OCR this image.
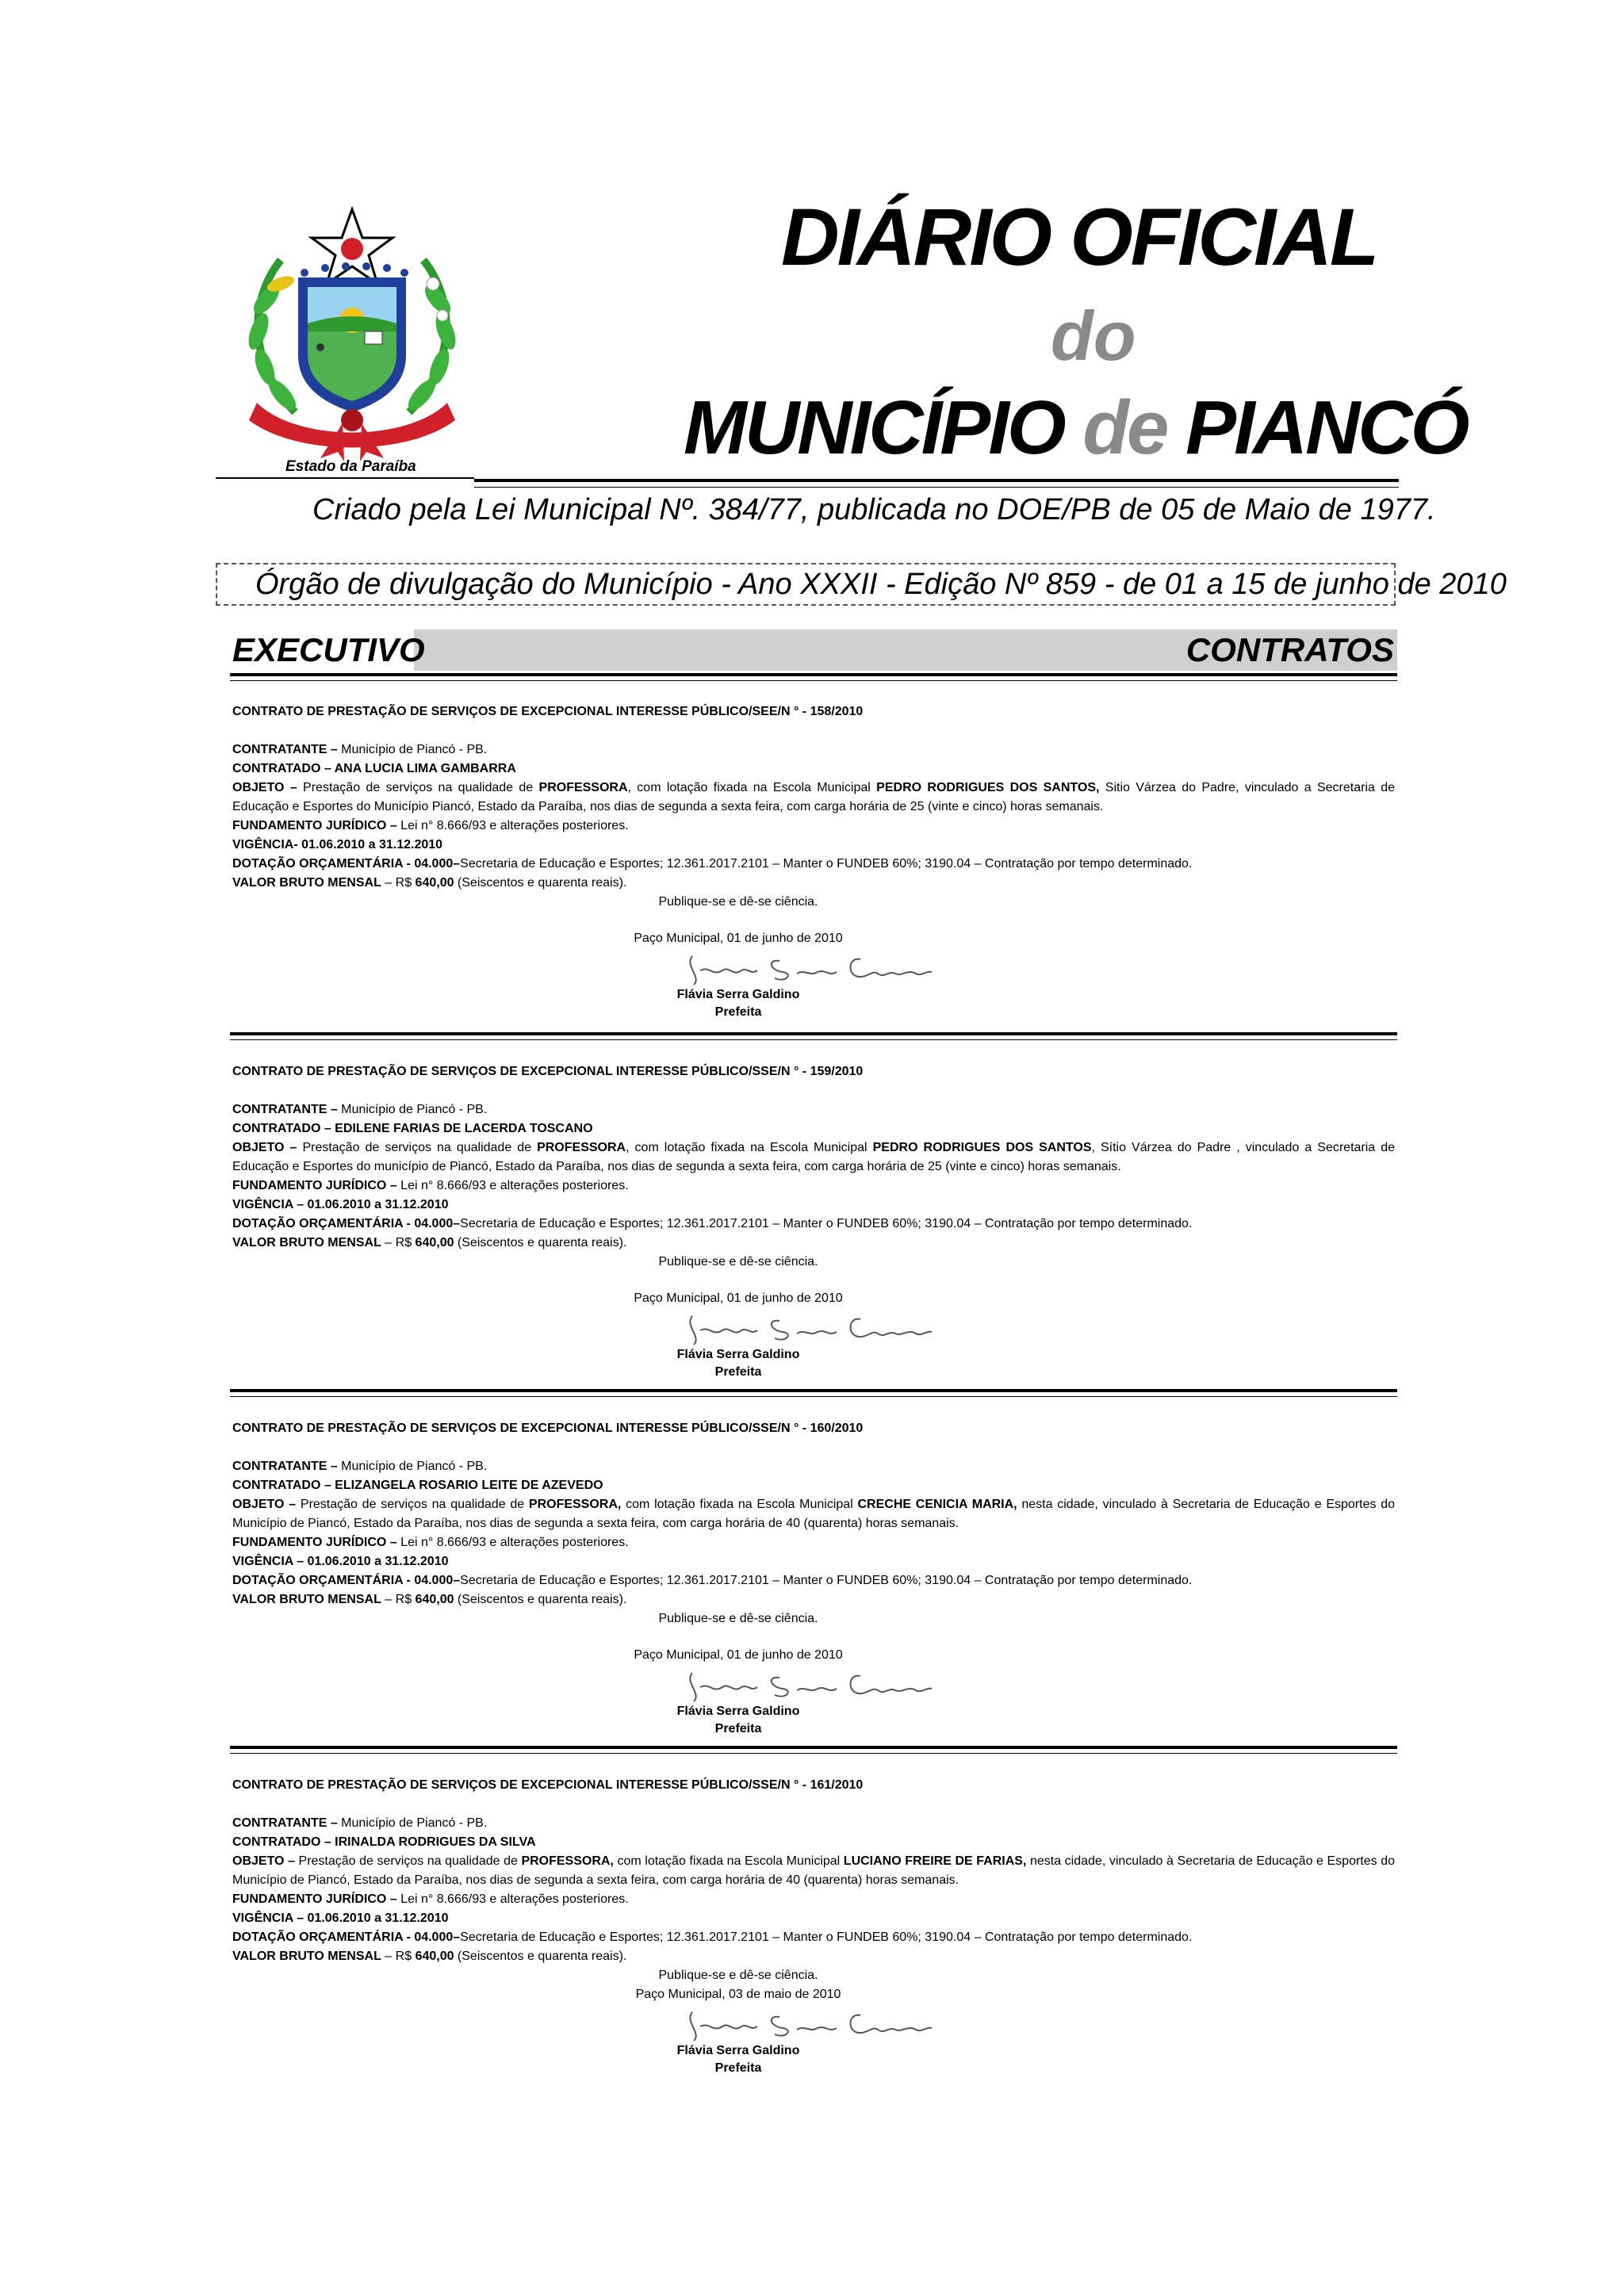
Estado da Paraíba
DIÁRIO OFICIAL
do
MUNICÍPIO de PIANCÓ
Criado pela Lei Municipal Nº. 384/77, publicada no DOE/PB de 05 de Maio de 1977.
Órgão de divulgação do Município - Ano XXXII - Edição Nº 859 - de 01 a 15 de junho de 2010
EXECUTIVO	CONTRATOS
CONTRATO DE PRESTAÇÃO DE SERVIÇOS DE EXCEPCIONAL INTERESSE PÚBLICO/SEE/N ° - 158/2010
CONTRATANTE – Município de Piancó - PB.
CONTRATADO – ANA LUCIA LIMA GAMBARRA
OBJETO – Prestação de serviços na qualidade de PROFESSORA, com lotação fixada na Escola Municipal PEDRO RODRIGUES DOS SANTOS, Sitio Várzea do Padre, vinculado a Secretaria de Educação e Esportes do Município Piancó, Estado da Paraíba, nos dias de segunda a sexta feira, com carga horária de 25 (vinte e cinco) horas semanais.
FUNDAMENTO JURÍDICO – Lei n° 8.666/93 e alterações posteriores.
VIGÊNCIA- 01.06.2010 a 31.12.2010
DOTAÇÃO ORÇAMENTÁRIA - 04.000–Secretaria de Educação e Esportes; 12.361.2017.2101 – Manter o FUNDEB 60%; 3190.04 – Contratação por tempo determinado.
VALOR BRUTO MENSAL – R$ 640,00 (Seiscentos e quarenta reais).
Publique-se e dê-se ciência.
Paço Municipal, 01 de junho de 2010
Flávia Serra Galdino
Prefeita
CONTRATO DE PRESTAÇÃO DE SERVIÇOS DE EXCEPCIONAL INTERESSE PÚBLICO/SSE/N ° - 159/2010
CONTRATANTE – Município de Piancó - PB.
CONTRATADO – EDILENE FARIAS DE LACERDA TOSCANO
OBJETO – Prestação de serviços na qualidade de PROFESSORA, com lotação fixada na Escola Municipal PEDRO RODRIGUES DOS SANTOS, Sítio Várzea do Padre , vinculado a Secretaria de Educação e Esportes do município de Piancó, Estado da Paraíba, nos dias de segunda a sexta feira, com carga horária de 25 (vinte e cinco) horas semanais.
FUNDAMENTO JURÍDICO – Lei n° 8.666/93 e alterações posteriores.
VIGÊNCIA – 01.06.2010 a 31.12.2010
DOTAÇÃO ORÇAMENTÁRIA - 04.000–Secretaria de Educação e Esportes; 12.361.2017.2101 – Manter o FUNDEB 60%; 3190.04 – Contratação por tempo determinado.
VALOR BRUTO MENSAL – R$ 640,00 (Seiscentos e quarenta reais).
Publique-se e dê-se ciência.
Paço Municipal, 01 de junho de 2010
Flávia Serra Galdino
Prefeita
CONTRATO DE PRESTAÇÃO DE SERVIÇOS DE EXCEPCIONAL INTERESSE PÚBLICO/SSE/N ° - 160/2010
CONTRATANTE – Município de Piancó - PB.
CONTRATADO – ELIZANGELA ROSARIO LEITE DE AZEVEDO
OBJETO – Prestação de serviços na qualidade de PROFESSORA, com lotação fixada na Escola Municipal CRECHE CENICIA MARIA, nesta cidade, vinculado à Secretaria de Educação e Esportes do Município de Piancó, Estado da Paraíba, nos dias de segunda a sexta feira, com carga horária de 40 (quarenta) horas semanais.
FUNDAMENTO JURÍDICO – Lei n° 8.666/93 e alterações posteriores.
VIGÊNCIA – 01.06.2010 a 31.12.2010
DOTAÇÃO ORÇAMENTÁRIA - 04.000–Secretaria de Educação e Esportes; 12.361.2017.2101 – Manter o FUNDEB 60%; 3190.04 – Contratação por tempo determinado.
VALOR BRUTO MENSAL – R$ 640,00 (Seiscentos e quarenta reais).
Publique-se e dê-se ciência.
Paço Municipal, 01 de junho de 2010
Flávia Serra Galdino
Prefeita
CONTRATO DE PRESTAÇÃO DE SERVIÇOS DE EXCEPCIONAL INTERESSE PÚBLICO/SSE/N ° - 161/2010
CONTRATANTE – Município de Piancó - PB.
CONTRATADO – IRINALDA RODRIGUES DA SILVA
OBJETO – Prestação de serviços na qualidade de PROFESSORA, com lotação fixada na Escola Municipal LUCIANO FREIRE DE FARIAS, nesta cidade, vinculado à Secretaria de Educação e Esportes do Município de Piancó, Estado da Paraíba, nos dias de segunda a sexta feira, com carga horária de 40 (quarenta) horas semanais.
FUNDAMENTO JURÍDICO – Lei n° 8.666/93 e alterações posteriores.
VIGÊNCIA – 01.06.2010 a 31.12.2010
DOTAÇÃO ORÇAMENTÁRIA - 04.000–Secretaria de Educação e Esportes; 12.361.2017.2101 – Manter o FUNDEB 60%; 3190.04 – Contratação por tempo determinado.
VALOR BRUTO MENSAL – R$ 640,00 (Seiscentos e quarenta reais).
Publique-se e dê-se ciência.
Paço Municipal, 03 de maio de 2010
Flávia Serra Galdino
Prefeita
